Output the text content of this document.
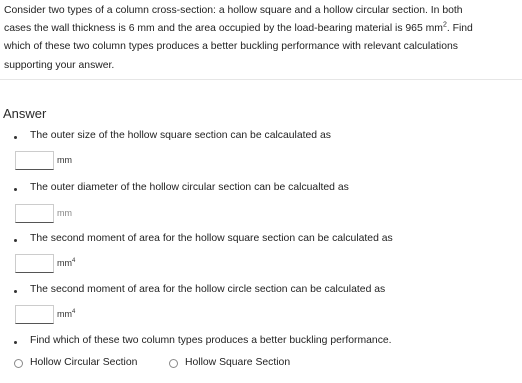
Consider two types of a column cross-section: a hollow square and a hollow circular section. In both
cases the wall thickness is 6 mm and the area occupied by the load-bearing material is 965 $mm^2$. Find
which of these two column types produces a better buckling performance with relevant calculations
supporting your answer.
Answer
The outer size of the hollow square section can be calcaulated as
mm
The outer diameter of the hollow circular section can be calcualted as
mm
The second moment of area for the hollow square section can be calculated as
$mm^4$
The second moment of area for the hollow circle section can be calculated as
$mm^4$
Find which of these two column types produces a better buckling performance.
Hollow Circular Section	Hollow Square Section
